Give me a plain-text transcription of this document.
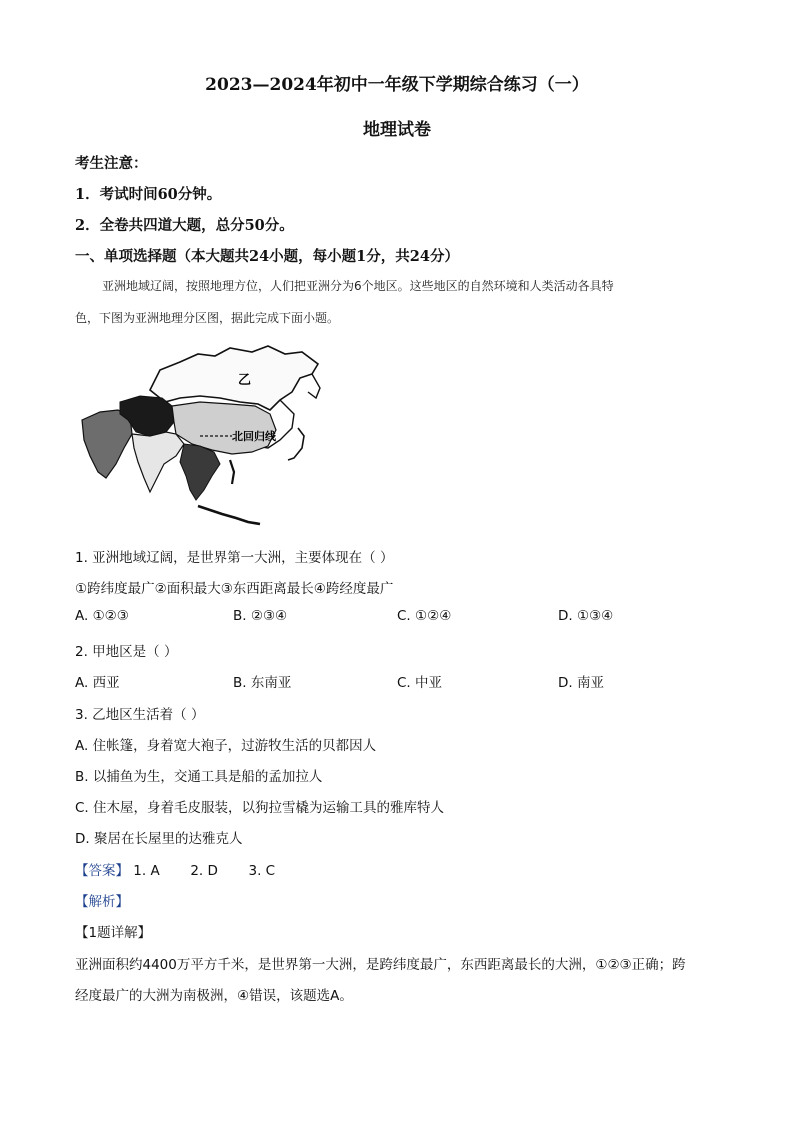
2023—2024年初中一年级下学期综合练习（一）
地理试卷
考生注意：
1．考试时间60分钟。
2．全卷共四道大题，总分50分。
一、单项选择题（本大题共24小题，每小题1分，共24分）
亚洲地域辽阔，按照地理方位，人们把亚洲分为6个地区。这些地区的自然环境和人类活动各具特
色，下图为亚洲地理分区图，据此完成下面小题。
乙
北回归线
1. 亚洲地域辽阔，是世界第一大洲，主要体现在（ ）
①跨纬度最广②面积最大③东西距离最长④跨经度最广
A. ①②③	B. ②③④	C. ①②④	D. ①③④
2. 甲地区是（ ）
A. 西亚	B. 东南亚	C. 中亚	D. 南亚
3. 乙地区生活着（ ）
A. 住帐篷，身着宽大袍子，过游牧生活的贝都因人
B. 以捕鱼为生，交通工具是船的孟加拉人
C. 住木屋，身着毛皮服装，以狗拉雪橇为运输工具的雅库特人
D. 聚居在长屋里的达雅克人
【答案】 1. A 2. D 3. C
【解析】
【1题详解】
亚洲面积约4400万平方千米，是世界第一大洲，是跨纬度最广，东西距离最长的大洲，①②③正确；跨
经度最广的大洲为南极洲，④错误，该题选A。
